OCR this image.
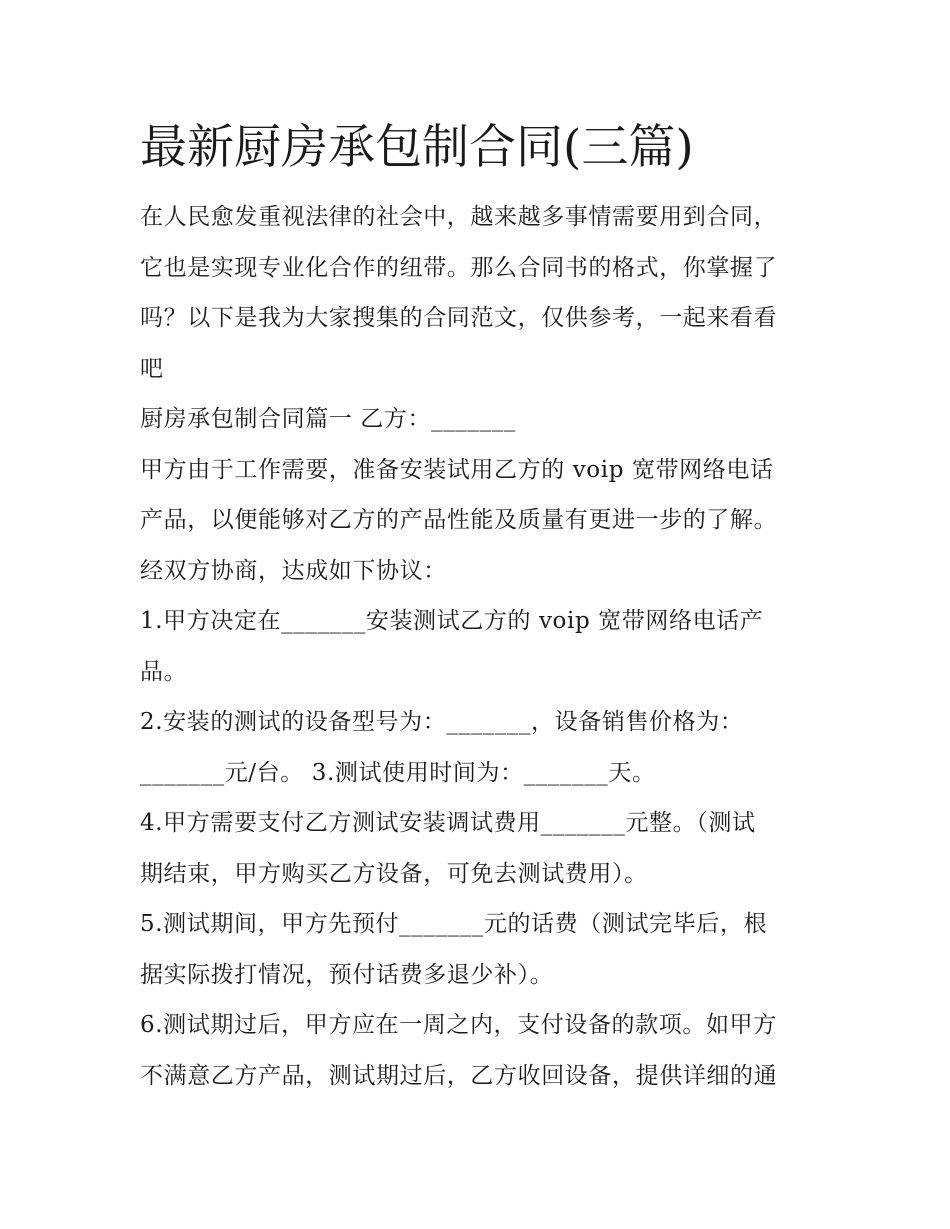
最新厨房承包制合同(三篇)
在人民愈发重视法律的社会中，越来越多事情需要用到合同，
它也是实现专业化合作的纽带。那么合同书的格式，你掌握了
吗？以下是我为大家搜集的合同范文，仅供参考，一起来看看
吧
厨房承包制合同篇一 乙方：_______
甲方由于工作需要，准备安装试用乙方的 voip 宽带网络电话
产品，以便能够对乙方的产品性能及质量有更进一步的了解。
经双方协商，达成如下协议：
1.甲方决定在_______安装测试乙方的 voip 宽带网络电话产
品。
2.安装的测试的设备型号为：_______，设备销售价格为：
_______元/台。 3.测试使用时间为：_______天。
4.甲方需要支付乙方测试安装调试费用_______元整。（测试
期结束，甲方购买乙方设备，可免去测试费用）。
5.测试期间，甲方先预付_______元的话费（测试完毕后，根
据实际拨打情况，预付话费多退少补）。
6.测试期过后，甲方应在一周之内，支付设备的款项。如甲方
不满意乙方产品，测试期过后，乙方收回设备，提供详细的通
